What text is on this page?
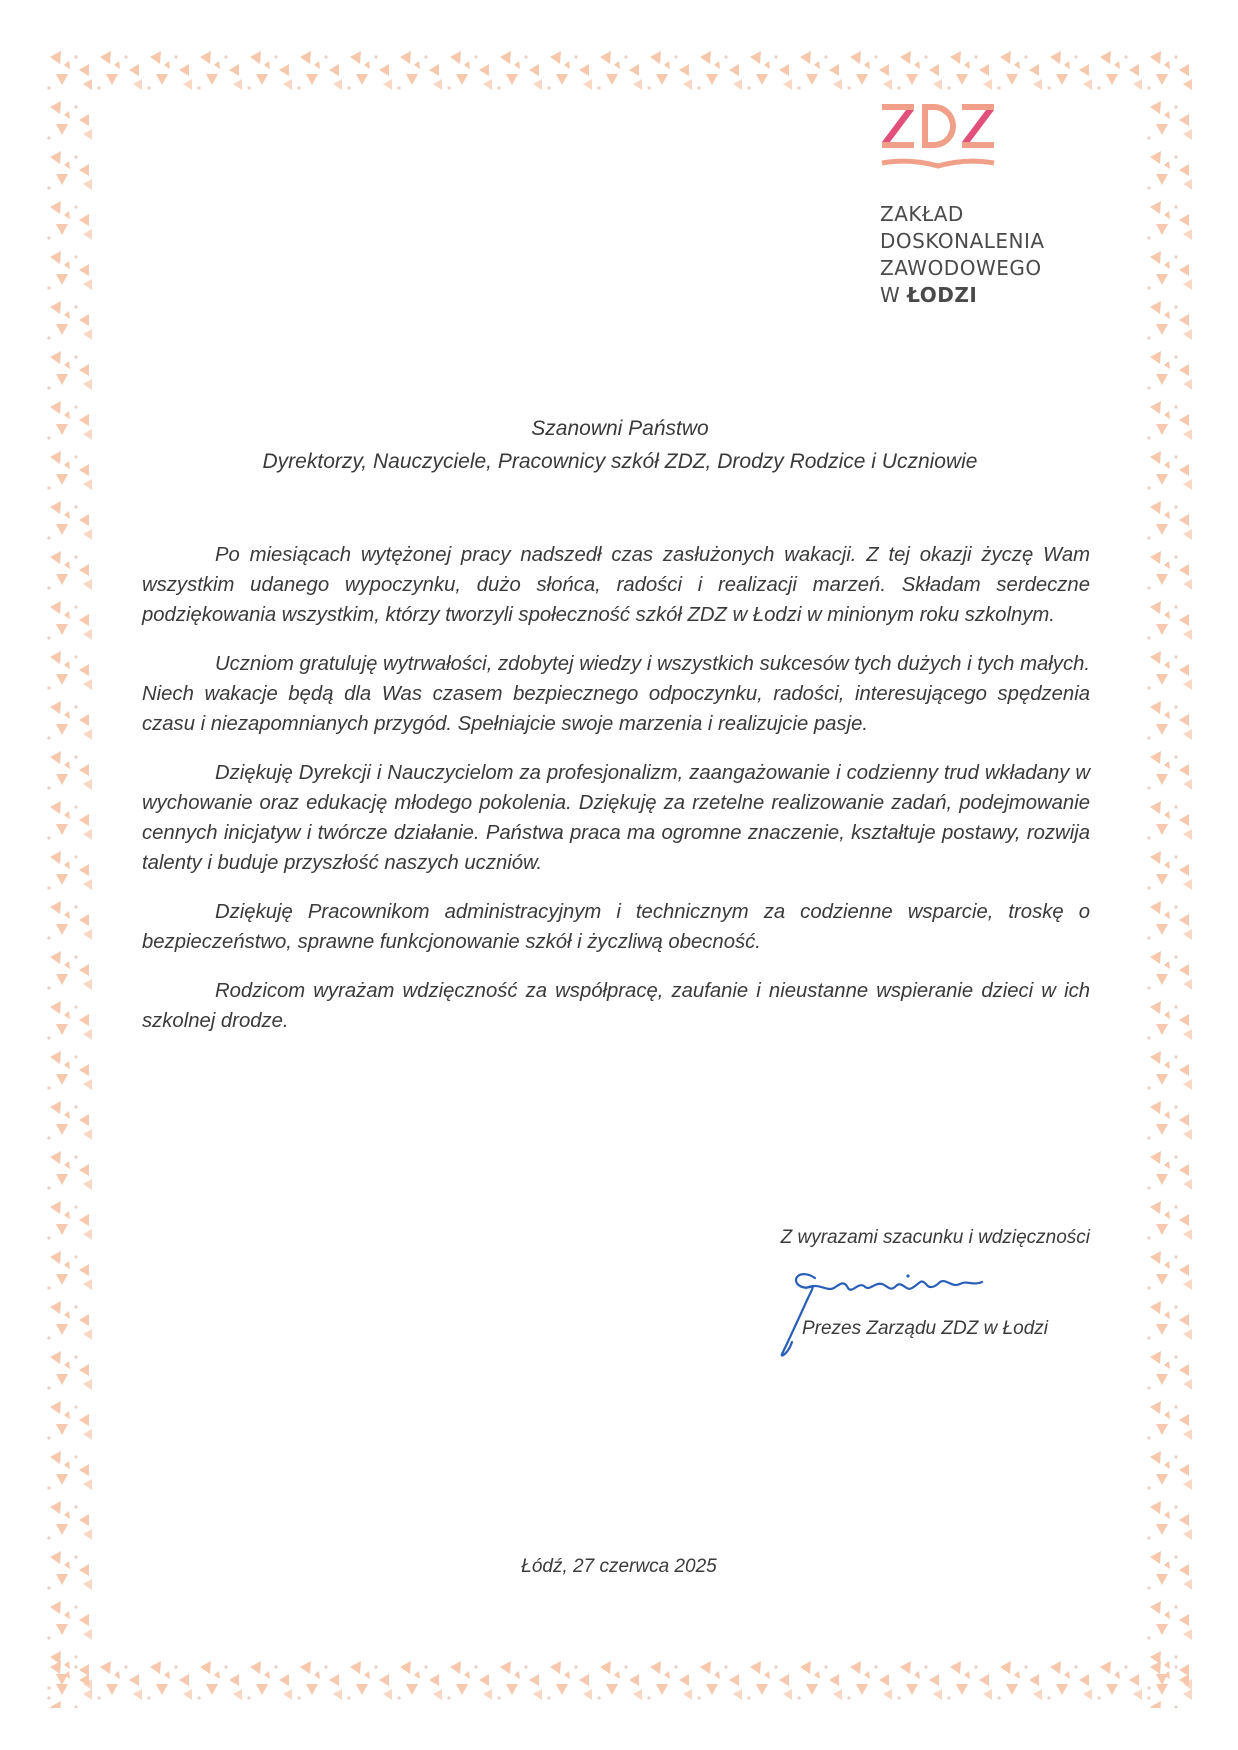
ZAKŁAD
DOSKONALENIA
ZAWODOWEGO
W ŁODZI
Szanowni Państwo
Dyrektorzy, Nauczyciele, Pracownicy szkół ZDZ, Drodzy Rodzice i Uczniowie

Po miesiącach wytężonej pracy nadszedł czas zasłużonych wakacji. Z tej okazji życzę Wam wszystkim udanego wypoczynku, dużo słońca, radości i realizacji marzeń. Składam serdeczne podziękowania wszystkim, którzy tworzyli społeczność szkół ZDZ w Łodzi w minionym roku szkolnym.

Uczniom gratuluję wytrwałości, zdobytej wiedzy i wszystkich sukcesów tych dużych i tych małych. Niech wakacje będą dla Was czasem bezpiecznego odpoczynku, radości, interesującego spędzenia czasu i niezapomnianych przygód. Spełniajcie swoje marzenia i realizujcie pasje.

Dziękuję Dyrekcji i Nauczycielom za profesjonalizm, zaangażowanie i codzienny trud wkładany w wychowanie oraz edukację młodego pokolenia. Dziękuję za rzetelne realizowanie zadań, podejmowanie cennych inicjatyw i twórcze działanie. Państwa praca ma ogromne znaczenie, kształtuje postawy, rozwija talenty i buduje przyszłość naszych uczniów.

Dziękuję Pracownikom administracyjnym i technicznym za codzienne wsparcie, troskę o bezpieczeństwo, sprawne funkcjonowanie szkół i życzliwą obecność.

Rodzicom wyrażam wdzięczność za współpracę, zaufanie i nieustanne wspieranie dzieci w ich szkolnej drodze.

Z wyrazami szacunku i wdzięczności
Prezes Zarządu ZDZ w Łodzi
Łódź, 27 czerwca 2025
